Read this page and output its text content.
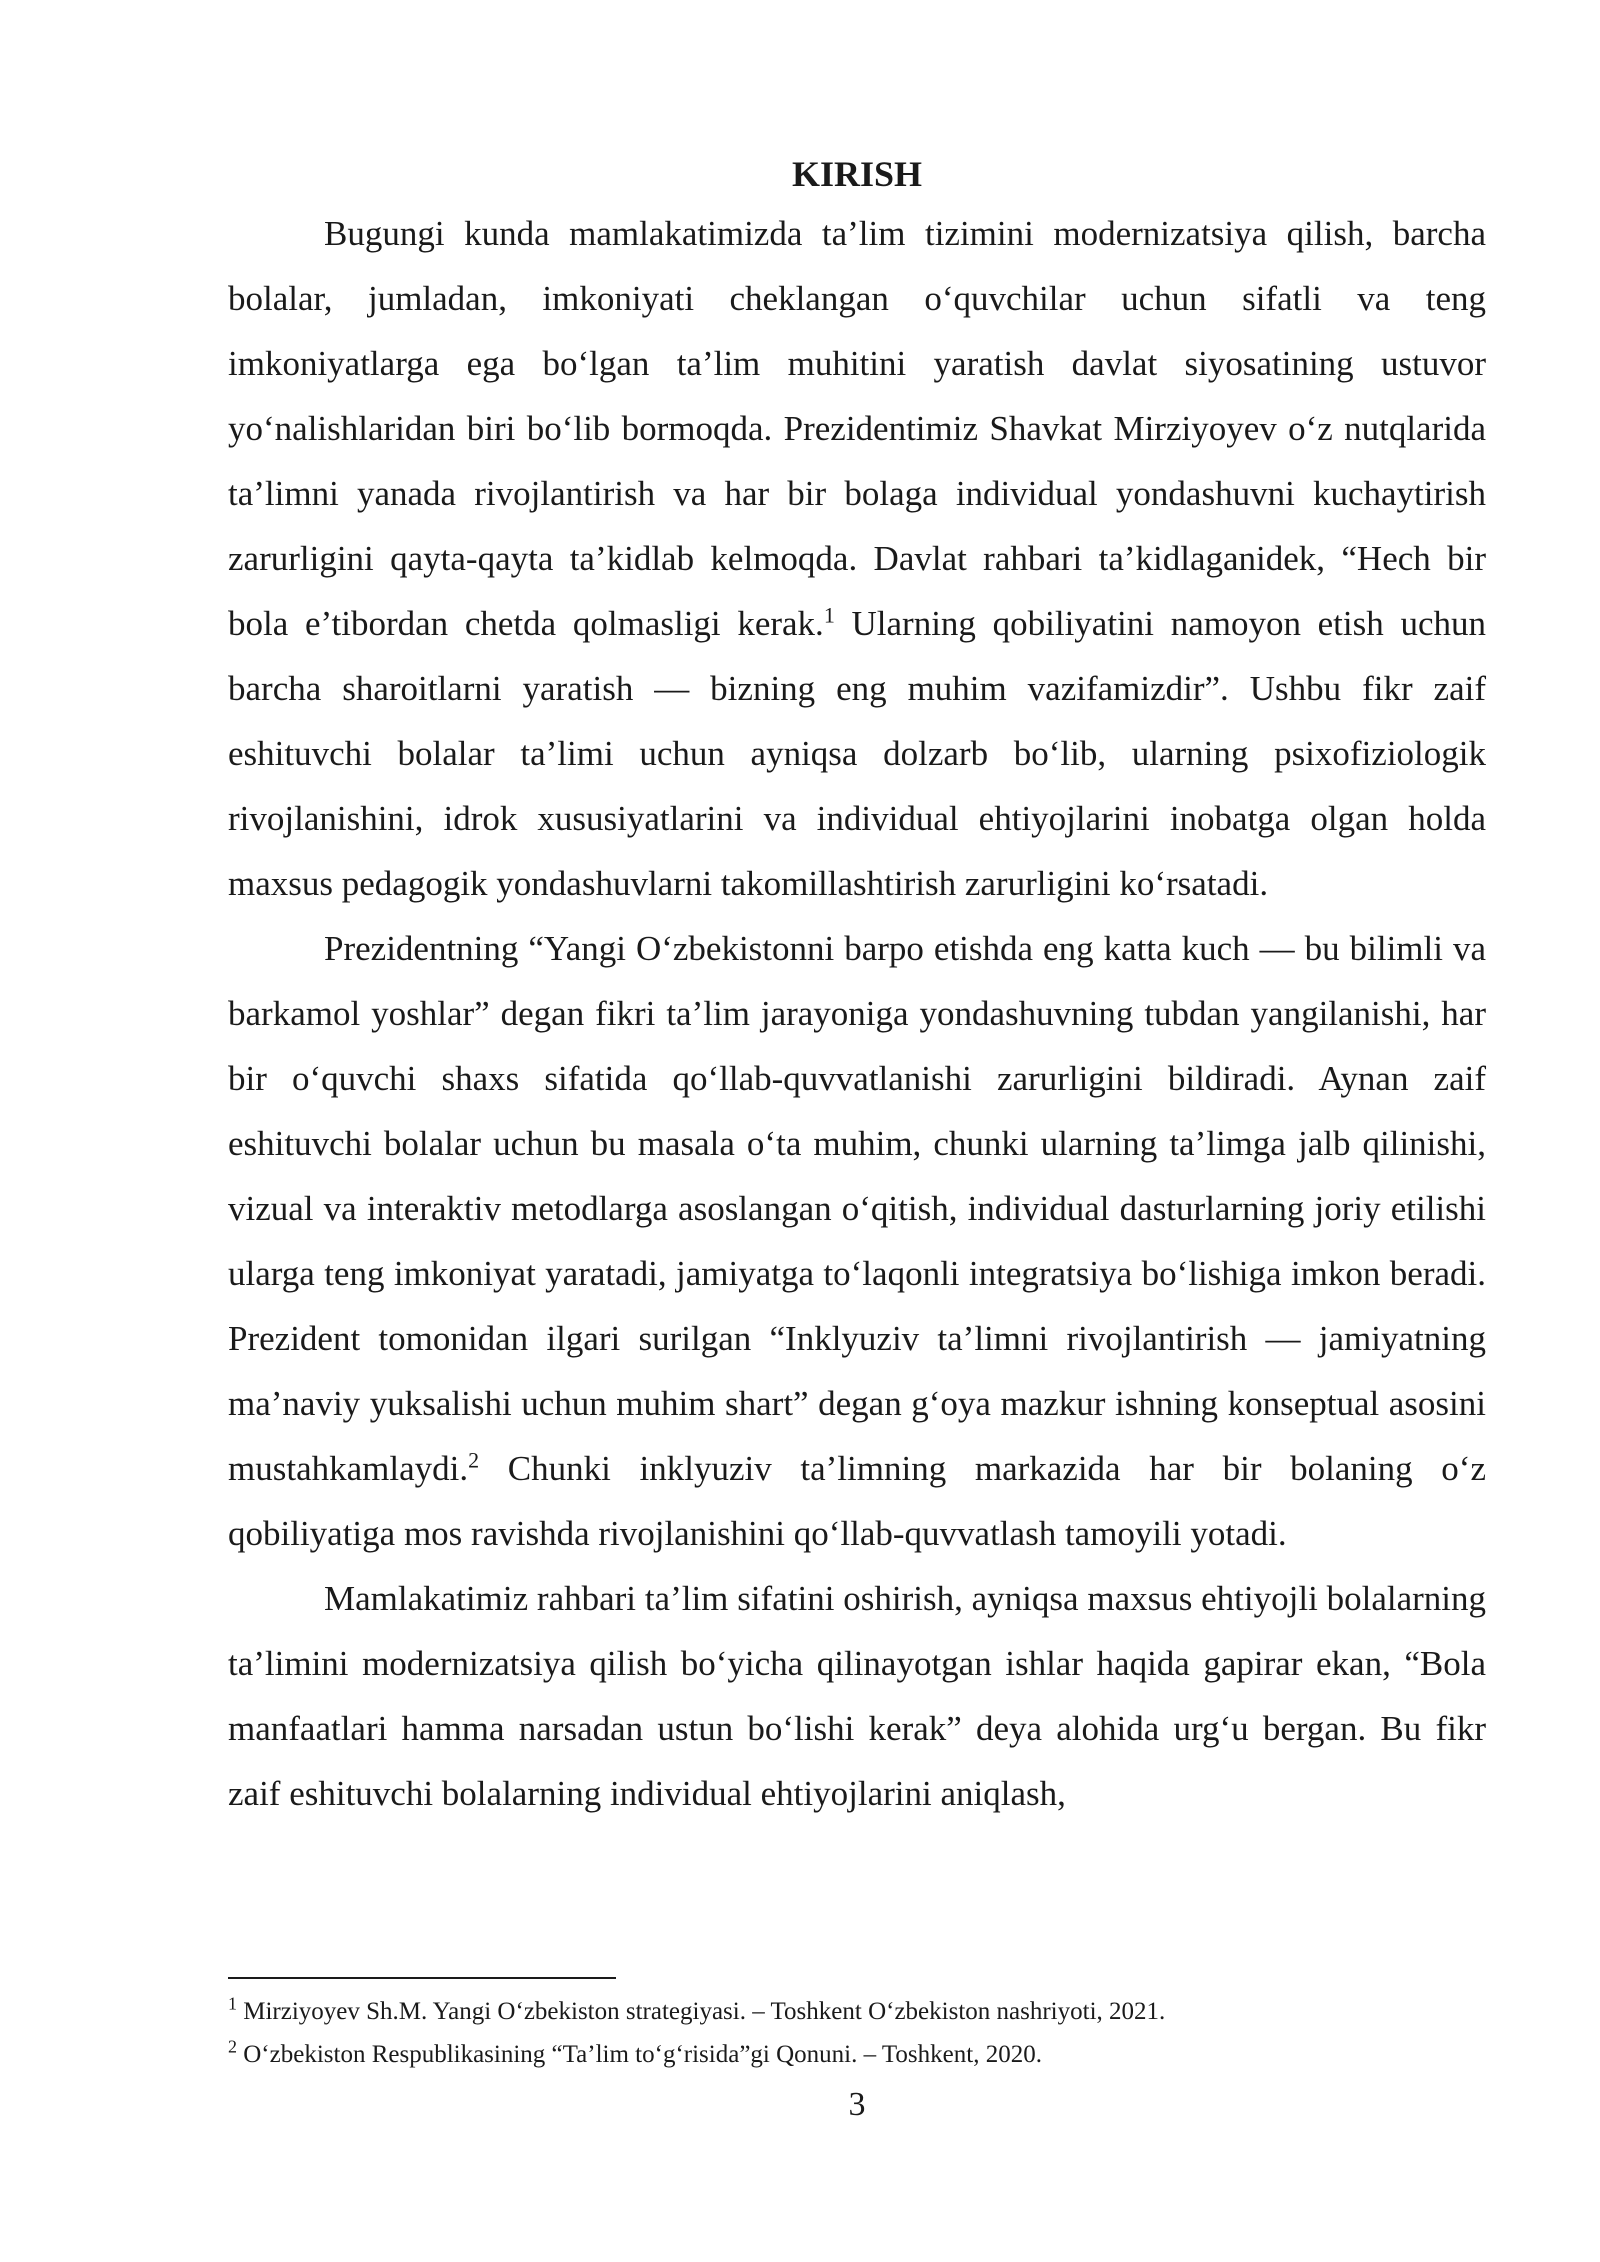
KIRISH

Bugungi kunda mamlakatimizda ta’lim tizimini modernizatsiya qilish, barcha bolalar, jumladan, imkoniyati cheklangan o‘quvchilar uchun sifatli va teng imkoniyatlarga ega bo‘lgan ta’lim muhitini yaratish davlat siyosatining ustuvor yo‘nalishlaridan biri bo‘lib bormoqda. Prezidentimiz Shavkat Mirziyoyev o‘z nutqlarida ta’limni yanada rivojlantirish va har bir bolaga individual yondashuvni kuchaytirish zarurligini qayta-qayta ta’kidlab kelmoqda. Davlat rahbari ta’kidlaganidek, “Hech bir bola e’tibordan chetda qolmasligi kerak.$^1$ Ularning qobiliyatini namoyon etish uchun barcha sharoitlarni yaratish — bizning eng muhim vazifamizdir”. Ushbu fikr zaif eshituvchi bolalar ta’limi uchun ayniqsa dolzarb bo‘lib, ularning psixofiziologik rivojlanishini, idrok xususiyatlarini va individual ehtiyojlarini inobatga olgan holda maxsus pedagogik yondashuvlarni takomillashtirish zarurligini ko‘rsatadi.

Prezidentning “Yangi O‘zbekistonni barpo etishda eng katta kuch — bu bilimli va barkamol yoshlar” degan fikri ta’lim jarayoniga yondashuvning tubdan yangilanishi, har bir o‘quvchi shaxs sifatida qo‘llab-quvvatlanishi zarurligini bildiradi. Aynan zaif eshituvchi bolalar uchun bu masala o‘ta muhim, chunki ularning ta’limga jalb qilinishi, vizual va interaktiv metodlarga asoslangan o‘qitish, individual dasturlarning joriy etilishi ularga teng imkoniyat yaratadi, jamiyatga to‘laqonli integratsiya bo‘lishiga imkon beradi. Prezident tomonidan ilgari surilgan “Inklyuziv ta’limni rivojlantirish — jamiyatning ma’naviy yuksalishi uchun muhim shart” degan g‘oya mazkur ishning konseptual asosini mustahkamlaydi.$^2$ Chunki inklyuziv ta’limning markazida har bir bolaning o‘z qobiliyatiga mos ravishda rivojlanishini qo‘llab-quvvatlash tamoyili yotadi.

Mamlakatimiz rahbari ta’lim sifatini oshirish, ayniqsa maxsus ehtiyojli bolalarning ta’limini modernizatsiya qilish bo‘yicha qilinayotgan ishlar haqida gapirar ekan, “Bola manfaatlari hamma narsadan ustun bo‘lishi kerak” deya alohida urg‘u bergan. Bu fikr zaif eshituvchi bolalarning individual ehtiyojlarini aniqlash,

$^1$ Mirziyoyev Sh.M. Yangi O‘zbekiston strategiyasi. – Toshkent O‘zbekiston nashriyoti, 2021.

$^2$ O‘zbekiston Respublikasining “Ta’lim to‘g‘risida”gi Qonuni. – Toshkent, 2020.

3
